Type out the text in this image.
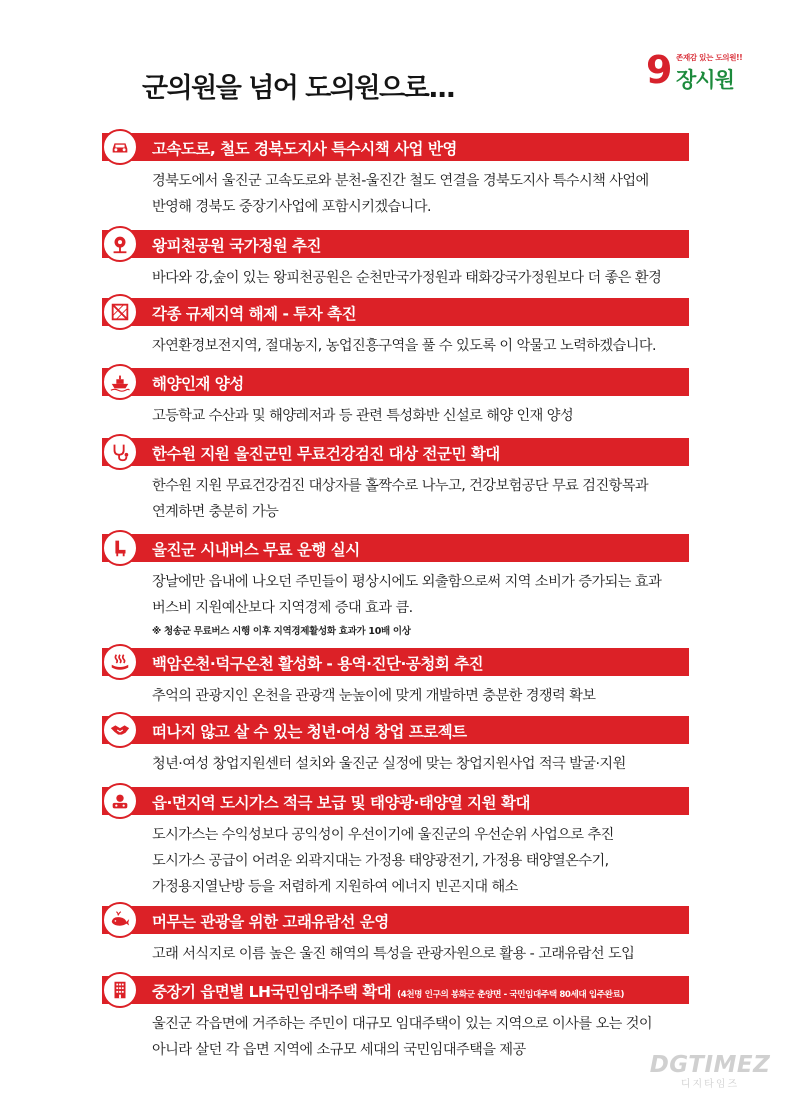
군의원을 넘어 도의원으로...	9 존재감 있는 도의원!!
장시원
고속도로, 철도 경북도지사 특수시책 사업 반영
경북도에서 울진군 고속도로와 분천-울진간 철도 연결을 경북도지사 특수시책 사업에
반영해 경북도 중장기사업에 포함시키겠습니다.
왕피천공원 국가정원 추진
바다와 강,숲이 있는 왕피천공원은 순천만국가정원과 태화강국가정원보다 더 좋은 환경
각종 규제지역 해제 - 투자 촉진
자연환경보전지역, 절대농지, 농업진흥구역을 풀 수 있도록 이 악물고 노력하겠습니다.
해양인재 양성
고등학교 수산과 및 해양레저과 등 관련 특성화반 신설로 해양 인재 양성
한수원 지원 울진군민 무료건강검진 대상 전군민 확대
한수원 지원 무료건강검진 대상자를 홀짝수로 나누고, 건강보험공단 무료 검진항목과
연계하면 충분히 가능
울진군 시내버스 무료 운행 실시
장날에만 읍내에 나오던 주민들이 평상시에도 외출함으로써 지역 소비가 증가되는 효과
버스비 지원예산보다 지역경제 증대 효과 큼.
※ 청송군 무료버스 시행 이후 지역경제활성화 효과가 10배 이상
백암온천·덕구온천 활성화 - 용역·진단·공청회 추진
추억의 관광지인 온천을 관광객 눈높이에 맞게 개발하면 충분한 경쟁력 확보
떠나지 않고 살 수 있는 청년·여성 창업 프로젝트
청년·여성 창업지원센터 설치와 울진군 실정에 맞는 창업지원사업 적극 발굴·지원
읍·면지역 도시가스 적극 보급 및 태양광·태양열 지원 확대
도시가스는 수익성보다 공익성이 우선이기에 울진군의 우선순위 사업으로 추진
도시가스 공급이 어려운 외곽지대는 가정용 태양광전기, 가정용 태양열온수기,
가정용지열난방 등을 저렴하게 지원하여 에너지 빈곤지대 해소
머무는 관광을 위한 고래유람선 운영
고래 서식지로 이름 높은 울진 해역의 특성을 관광자원으로 활용 - 고래유람선 도입
중장기 읍면별 LH국민임대주택 확대 (4천명 인구의 봉화군 춘양면 - 국민임대주택 80세대 입주완료)
울진군 각읍면에 거주하는 주민이 대규모 임대주택이 있는 지역으로 이사를 오는 것이
아니라 살던 각 읍면 지역에 소규모 세대의 국민임대주택을 제공
DGTIMEZ
디지타임즈
